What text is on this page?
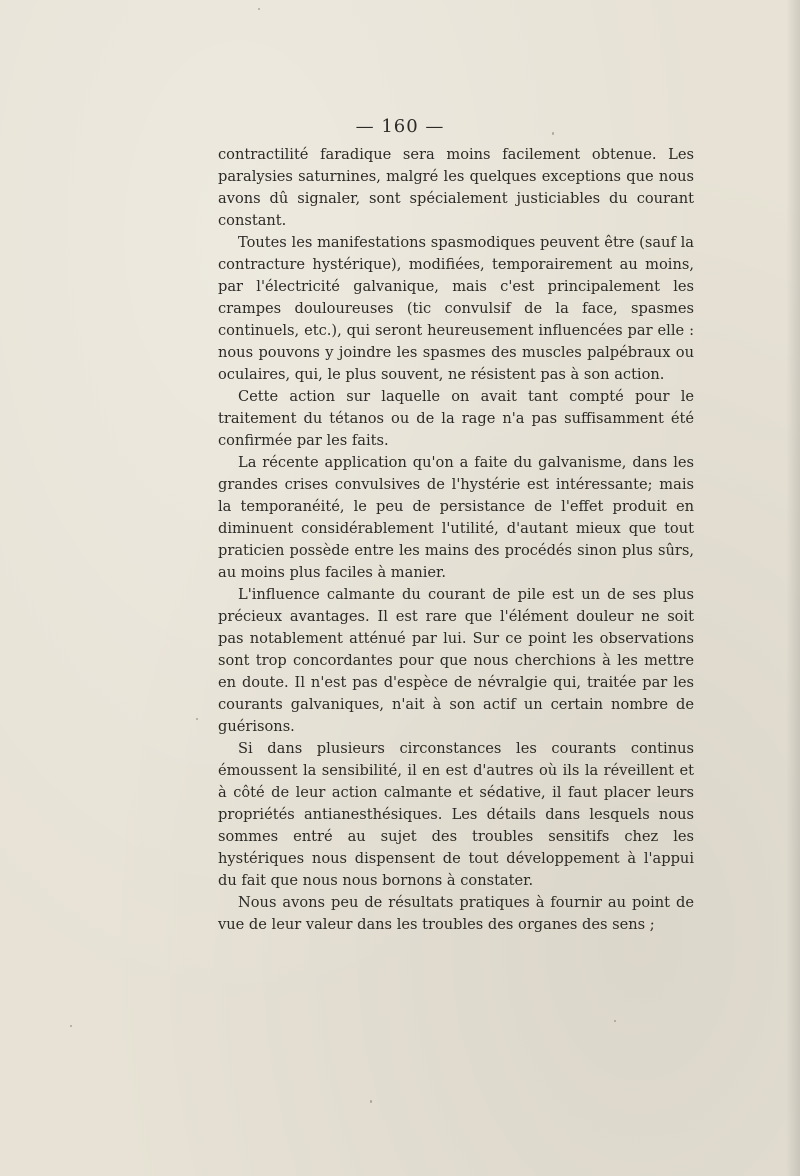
— 160 —

contractilité faradique sera moins facilement obtenue. Les paralysies saturnines, malgré les quelques exceptions que nous avons dû signaler, sont spécialement justiciables du courant constant.

Toutes les manifestations spasmodiques peuvent être (sauf la contracture hystérique), modifiées, temporairement au moins, par l'électricité galvanique, mais c'est principalement les crampes douloureuses (tic convulsif de la face, spasmes continuels, etc.), qui seront heureusement influencées par elle : nous pouvons y joindre les spasmes des muscles palpébraux ou oculaires, qui, le plus souvent, ne résistent pas à son action.

Cette action sur laquelle on avait tant compté pour le traitement du tétanos ou de la rage n'a pas suffisamment été confirmée par les faits.

La récente application qu'on a faite du galvanisme, dans les grandes crises convulsives de l'hystérie est intéressante; mais la temporanéité, le peu de persistance de l'effet produit en diminuent considérablement l'utilité, d'autant mieux que tout praticien possède entre les mains des procédés sinon plus sûrs, au moins plus faciles à manier.

L'influence calmante du courant de pile est un de ses plus précieux avantages. Il est rare que l'élément douleur ne soit pas notablement atténué par lui. Sur ce point les observations sont trop concordantes pour que nous cherchions à les mettre en doute. Il n'est pas d'espèce de névralgie qui, traitée par les courants galvaniques, n'ait à son actif un certain nombre de guérisons.

Si dans plusieurs circonstances les courants continus émoussent la sensibilité, il en est d'autres où ils la réveillent et à côté de leur action calmante et sédative, il faut placer leurs propriétés antianesthésiques. Les détails dans lesquels nous sommes entré au sujet des troubles sensitifs chez les hystériques nous dispensent de tout développement à l'appui du fait que nous nous bornons à constater.

Nous avons peu de résultats pratiques à fournir au point de vue de leur valeur dans les troubles des organes des sens ;
